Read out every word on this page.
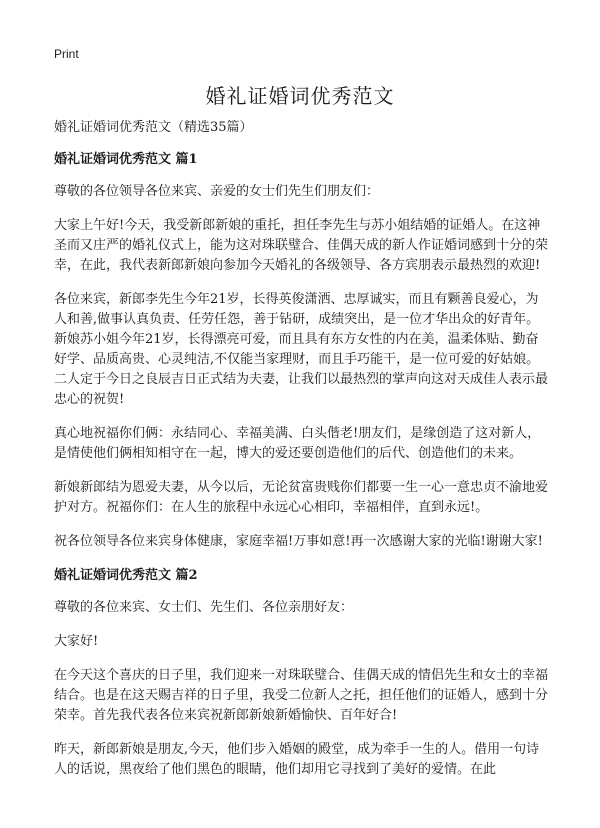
Print
婚礼证婚词优秀范文

婚礼证婚词优秀范文（精选35篇）

婚礼证婚词优秀范文 篇1

尊敬的各位领导各位来宾、亲爱的女士们先生们朋友们：

大家上午好!今天，我受新郎新娘的重托，担任李先生与苏小姐结婚的证婚人。在这神圣而又庄严的婚礼仪式上，能为这对珠联璧合、佳偶天成的新人作证婚词感到十分的荣幸，在此，我代表新郎新娘向参加今天婚礼的各级领导、各方宾朋表示最热烈的欢迎!

各位来宾，新郎李先生今年21岁，长得英俊潇洒、忠厚诚实，而且有颗善良爱心，为人和善,做事认真负责、任劳任怨，善于钻研，成绩突出，是一位才华出众的好青年。新娘苏小姐今年21岁，长得漂亮可爱，而且具有东方女性的内在美，温柔体贴、勤奋好学、品质高贵、心灵纯洁,不仅能当家理财，而且手巧能干，是一位可爱的好姑娘。二人定于今日之良辰吉日正式结为夫妻，让我们以最热烈的掌声向这对天成佳人表示最忠心的祝贺!

真心地祝福你们俩：永结同心、幸福美满、白头偕老!朋友们，是缘创造了这对新人，是情使他们俩相知相守在一起，博大的爱还要创造他们的后代、创造他们的未来。

新娘新郎结为恩爱夫妻，从今以后，无论贫富贵贱你们都要一生一心一意忠贞不渝地爱护对方。祝福你们：在人生的旅程中永远心心相印，幸福相伴，直到永远!。

祝各位领导各位来宾身体健康，家庭幸福!万事如意!再一次感谢大家的光临!谢谢大家!

婚礼证婚词优秀范文 篇2

尊敬的各位来宾、女士们、先生们、各位亲朋好友：

大家好!

在今天这个喜庆的日子里，我们迎来一对珠联璧合、佳偶天成的情侣先生和女士的幸福结合。也是在这天赐吉祥的日子里，我受二位新人之托，担任他们的证婚人，感到十分荣幸。首先我代表各位来宾祝新郎新娘新婚愉快、百年好合!

昨天，新郎新娘是朋友,今天，他们步入婚姻的殿堂，成为牵手一生的人。借用一句诗人的话说，黑夜给了他们黑色的眼睛，他们却用它寻找到了美好的爱情。在此
